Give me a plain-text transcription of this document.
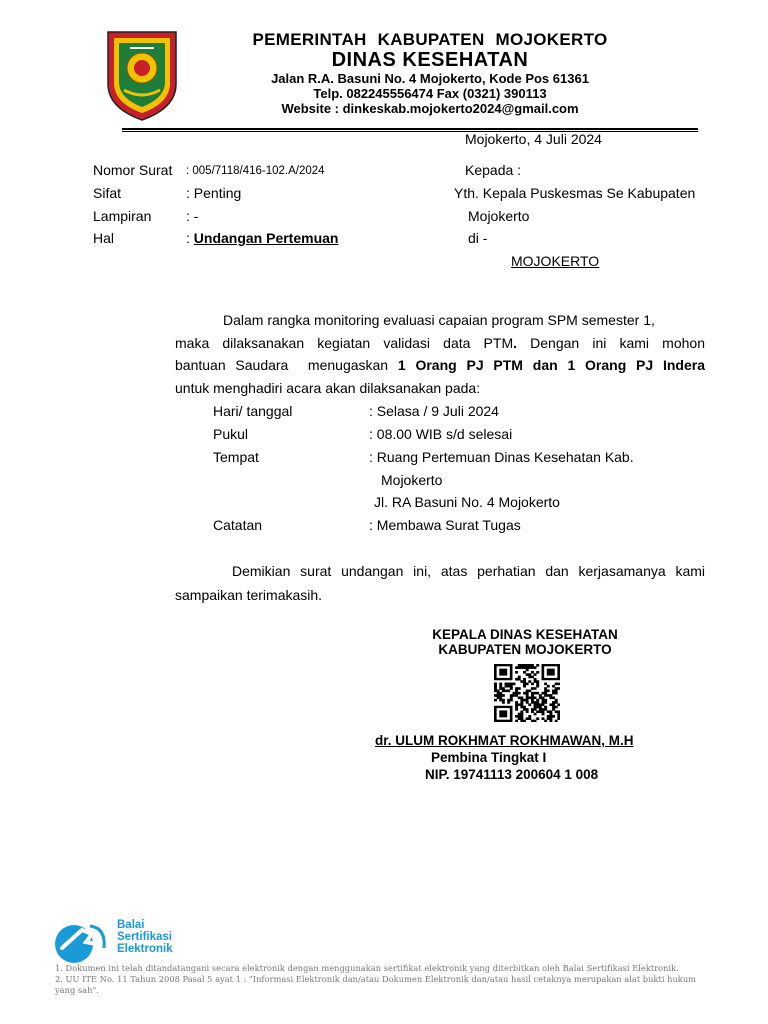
PEMERINTAH KABUPATEN MOJOKERTO
DINAS KESEHATAN
Jalan R.A. Basuni No. 4 Mojokerto, Kode Pos 61361
Telp. 082245556474 Fax (0321) 390113
Website : dinkeskab.mojokerto2024@gmail.com
Mojokerto, 4 Juli 2024
Nomor Surat : 005/7118/416-102.A/2024
Sifat	: Penting
Lampiran : -
Hal	: Undangan Pertemuan
Kepada :
Yth. Kepala Puskesmas Se Kabupaten
Mojokerto
di -
MOJOKERTO

Dalam rangka monitoring evaluasi capaian program SPM semester 1,

maka dilaksanakan kegiatan validasi data PTM. Dengan ini kami mohon

bantuan Saudara  menugaskan 1 Orang PJ PTM dan 1 Orang PJ Indera

untuk menghadiri acara akan dilaksanakan pada:

Hari/ tanggal	: Selasa / 9 Juli 2024
Pukul	: 08.00 WIB s/d selesai
Tempat	: Ruang Pertemuan Dinas Kesehatan Kab.
Mojokerto
Jl. RA Basuni No. 4 Mojokerto
Catatan	: Membawa Surat Tugas

Demikian surat undangan ini, atas perhatian dan kerjasamanya kami

sampaikan terimakasih.

KEPALA DINAS KESEHATAN
KABUPATEN MOJOKERTO
dr. ULUM ROKHMAT ROKHMAWAN, M.H
Pembina Tingkat I
NIP. 19741113 200604 1 008
Balai
Sertifikasi
Elektronik
1. Dokumen ini telah ditandatangani secara elektronik dengan menggunakan sertifikat elektronik yang diterbitkan oleh Balai Sertifikasi Elektronik.
2. UU ITE No. 11 Tahun 2008 Pasal 5 ayat 1 : "Informasi Elektronik dan/atau Dokumen Elektronik dan/atau hasil cetaknya merupakan alat bukti hukum yang sah".
